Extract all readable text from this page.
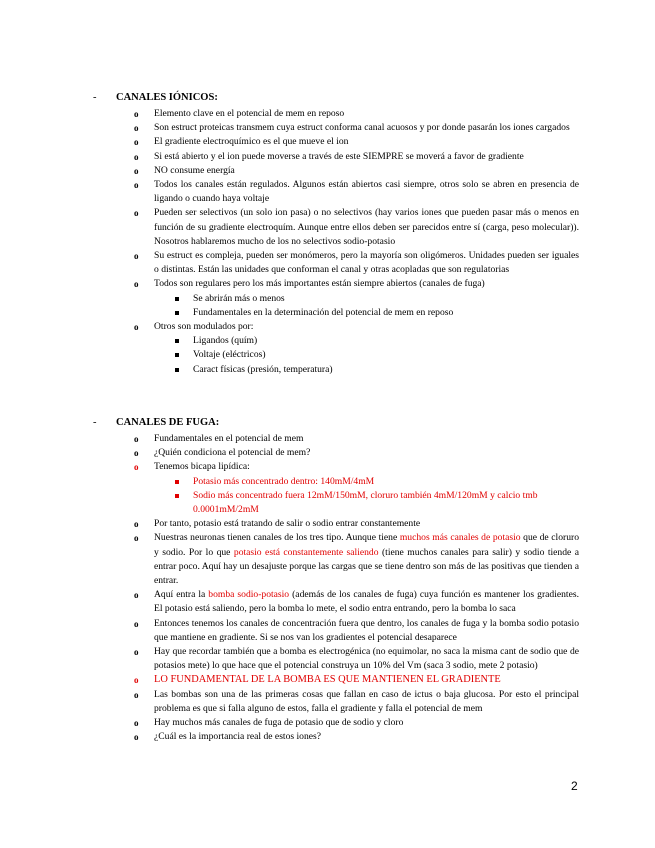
- CANALES IÓNICOS:
o Elemento clave en el potencial de mem en reposo
o Son estruct proteicas transmem cuya estruct conforma canal acuosos y por donde pasarán los iones cargados
o El gradiente electroquímico es el que mueve el ion
o Si está abierto y el ion puede moverse a través de este SIEMPRE se moverá a favor de gradiente
o NO consume energía
o Todos los canales están regulados. Algunos están abiertos casi siempre, otros solo se abren en presencia de ligando o cuando haya voltaje
o Pueden ser selectivos (un solo ion pasa) o no selectivos (hay varios iones que pueden pasar más o menos en función de su gradiente electroquím. Aunque entre ellos deben ser parecidos entre sí (carga, peso molecular)). Nosotros hablaremos mucho de los no selectivos sodio-potasio
o Su estruct es compleja, pueden ser monómeros, pero la mayoría son oligómeros. Unidades pueden ser iguales o distintas. Están las unidades que conforman el canal y otras acopladas que son regulatorias
o Todos son regulares pero los más importantes están siempre abiertos (canales de fuga)
Se abrirán más o menos
Fundamentales en la determinación del potencial de mem en reposo
o Otros son modulados por:
Ligandos (quím)
Voltaje (eléctricos)
Caract físicas (presión, temperatura)
- CANALES DE FUGA:
o Fundamentales en el potencial de mem
o ¿Quién condiciona el potencial de mem?
o Tenemos bicapa lipídica:
Potasio más concentrado dentro: 140mM/4mM
Sodio más concentrado fuera 12mM/150mM, cloruro también 4mM/120mM y calcio tmb 0.0001mM/2mM
o Por tanto, potasio está tratando de salir o sodio entrar constantemente
o Nuestras neuronas tienen canales de los tres tipo. Aunque tiene muchos más canales de potasio que de cloruro y sodio. Por lo que potasio está constantemente saliendo (tiene muchos canales para salir) y sodio tiende a entrar poco. Aquí hay un desajuste porque las cargas que se tiene dentro son más de las positivas que tienden a entrar.
o Aquí entra la bomba sodio-potasio (además de los canales de fuga) cuya función es mantener los gradientes. El potasio está saliendo, pero la bomba lo mete, el sodio entra entrando, pero la bomba lo saca
o Entonces tenemos los canales de concentración fuera que dentro, los canales de fuga y la bomba sodio potasio que mantiene en gradiente. Si se nos van los gradientes el potencial desaparece
o Hay que recordar también que a bomba es electrogénica (no equimolar, no saca la misma cant de sodio que de potasios mete) lo que hace que el potencial construya un 10% del Vm (saca 3 sodio, mete 2 potasio)
o LO FUNDAMENTAL DE LA BOMBA ES QUE MANTIENEN EL GRADIENTE
o Las bombas son una de las primeras cosas que fallan en caso de ictus o baja glucosa. Por esto el principal problema es que si falla alguno de estos, falla el gradiente y falla el potencial de mem
o Hay muchos más canales de fuga de potasio que de sodio y cloro
o ¿Cuál es la importancia real de estos iones?
2
